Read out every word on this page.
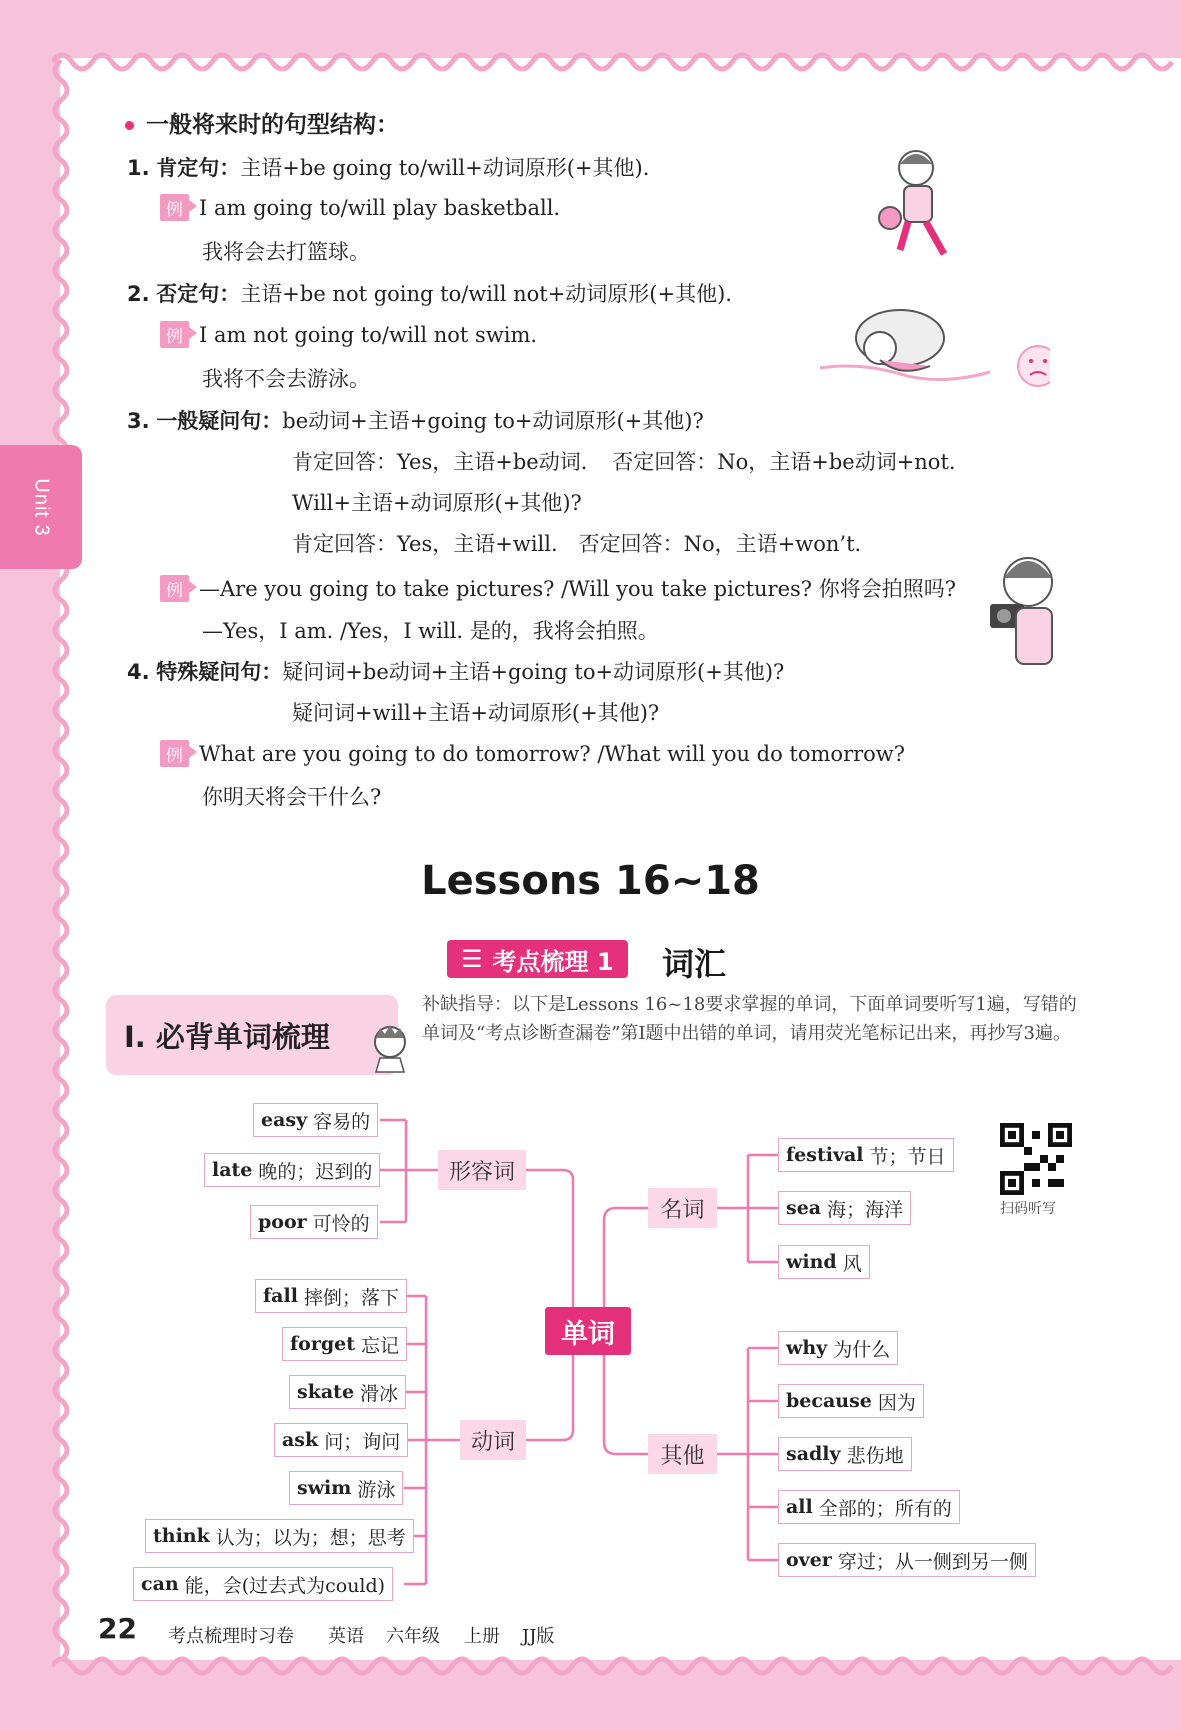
Unit 3
一般将来时的句型结构：
1. 肯定句：主语+be going to/will+动词原形(+其他).
例 I am going to/will play basketball.
我将会去打篮球。
2. 否定句：主语+be not going to/will not+动词原形(+其他).
例 I am not going to/will not swim.
我将不会去游泳。
3. 一般疑问句：be动词+主语+going to+动词原形(+其他)?
肯定回答：Yes，主语+be动词．　否定回答：No，主语+be动词+not.
Will+主语+动词原形(+其他)?
肯定回答：Yes，主语+will.　否定回答：No，主语+won’t.
例 —Are you going to take pictures? /Will you take pictures? 你将会拍照吗?
—Yes，I am. /Yes，I will. 是的，我将会拍照。
4. 特殊疑问句：疑问词+be动词+主语+going to+动词原形(+其他)?
疑问词+will+主语+动词原形(+其他)?
例 What are you going to do tomorrow? /What will you do tomorrow?
你明天将会干什么?
Lessons 16~18
☰ 考点梳理 1 词汇
Ⅰ. 必背单词梳理
补缺指导：以下是Lessons 16~18要求掌握的单词，下面单词要听写1遍，写错的单词及“考点诊断查漏卷”第Ⅰ题中出错的单词，请用荧光笔标记出来，再抄写3遍。
扫码听写
单词
形容词
动词
名词
其他
easy 容易的
late 晚的；迟到的
poor 可怜的
fall 摔倒；落下
forget 忘记
skate 滑冰
ask 问；询问
swim 游泳
think 认为；以为；想；思考
can 能，会(过去式为could)
festival 节；节日
sea 海；海洋
wind 风
why 为什么
because 因为
sadly 悲伤地
all 全部的；所有的
over 穿过；从一侧到另一侧
22 考点梳理时习卷 英语 六年级 上册 JJ版
